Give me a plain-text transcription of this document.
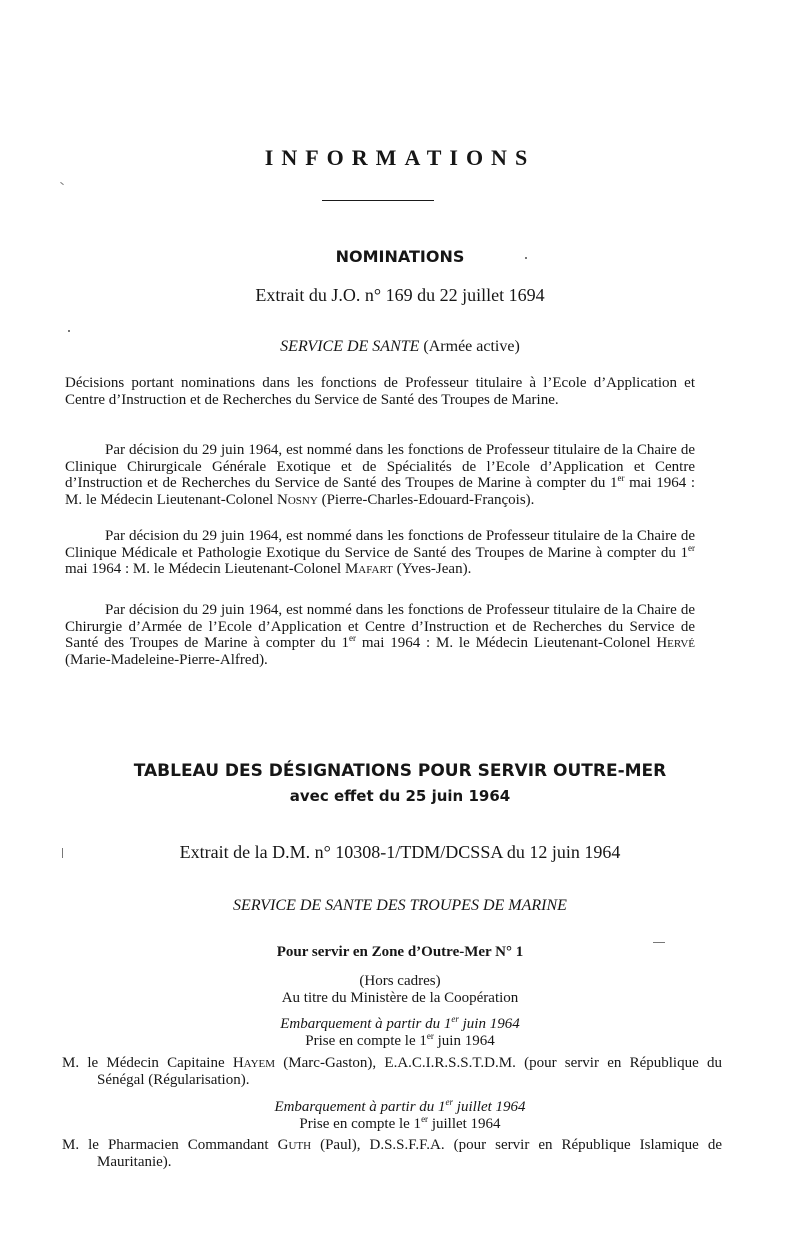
INFORMATIONS
NOMINATIONS
Extrait du J.O. n° 169 du 22 juillet 1694
SERVICE DE SANTE (Armée active)
Décisions portant nominations dans les fonctions de Professeur titulaire à l’Ecole d’Application et Centre d’Instruction et de Recherches du Service de Santé des Troupes de Marine.
Par décision du 29 juin 1964, est nommé dans les fonctions de Professeur titulaire de la Chaire de Clinique Chirurgicale Générale Exotique et de Spécialités de l’Ecole d’Application et Centre d’Instruction et de Recherches du Service de Santé des Troupes de Marine à compter du 1er mai 1964 : M. le Médecin Lieutenant-Colonel Nosny (Pierre-Charles-Edouard-François).
Par décision du 29 juin 1964, est nommé dans les fonctions de Professeur titulaire de la Chaire de Clinique Médicale et Pathologie Exotique du Service de Santé des Troupes de Marine à compter du 1er mai 1964 : M. le Médecin Lieutenant-Colonel Mafart (Yves-Jean).
Par décision du 29 juin 1964, est nommé dans les fonctions de Professeur titulaire de la Chaire de Chirurgie d’Armée de l’Ecole d’Application et Centre d’Instruction et de Recherches du Service de Santé des Troupes de Marine à compter du 1er mai 1964 : M. le Médecin Lieutenant-Colonel Hervé (Marie-Madeleine-Pierre-Alfred).
TABLEAU DES DÉSIGNATIONS POUR SERVIR OUTRE-MER
avec effet du 25 juin 1964
Extrait de la D.M. n° 10308-1/TDM/DCSSA du 12 juin 1964
SERVICE DE SANTE DES TROUPES DE MARINE
Pour servir en Zone d’Outre-Mer N° 1
(Hors cadres)
Au titre du Ministère de la Coopération
Embarquement à partir du 1er juin 1964
Prise en compte le 1er juin 1964
M. le Médecin Capitaine Hayem (Marc-Gaston), E.A.C.I.R.S.S.T.D.M. (pour servir en République du Sénégal (Régularisation).
Embarquement à partir du 1er juillet 1964
Prise en compte le 1er juillet 1964
M. le Pharmacien Commandant Guth (Paul), D.S.S.F.F.A. (pour servir en République Islamique de Mauritanie).
